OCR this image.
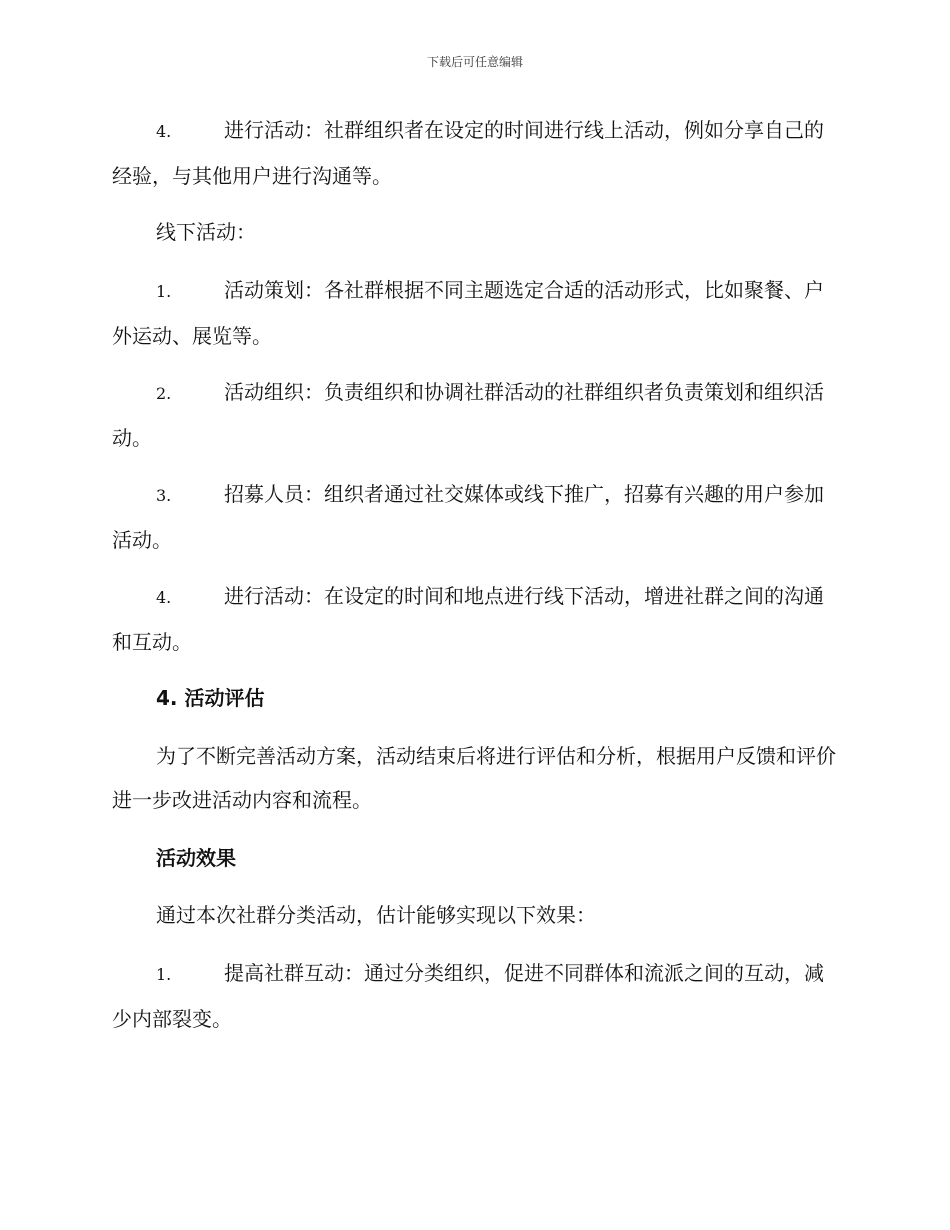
下载后可任意编辑
4.	进行活动：社群组织者在设定的时间进行线上活动，例如分享自己的经验，与其他用户进行沟通等。
线下活动：
1.	活动策划：各社群根据不同主题选定合适的活动形式，比如聚餐、户外运动、展览等。
2.	活动组织：负责组织和协调社群活动的社群组织者负责策划和组织活动。
3.	招募人员：组织者通过社交媒体或线下推广，招募有兴趣的用户参加活动。
4.	进行活动：在设定的时间和地点进行线下活动，增进社群之间的沟通和互动。
4. 活动评估
为了不断完善活动方案，活动结束后将进行评估和分析，根据用户反馈和评价进一步改进活动内容和流程。
活动效果
通过本次社群分类活动，估计能够实现以下效果：
1.	提高社群互动：通过分类组织，促进不同群体和流派之间的互动，减少内部裂变。
